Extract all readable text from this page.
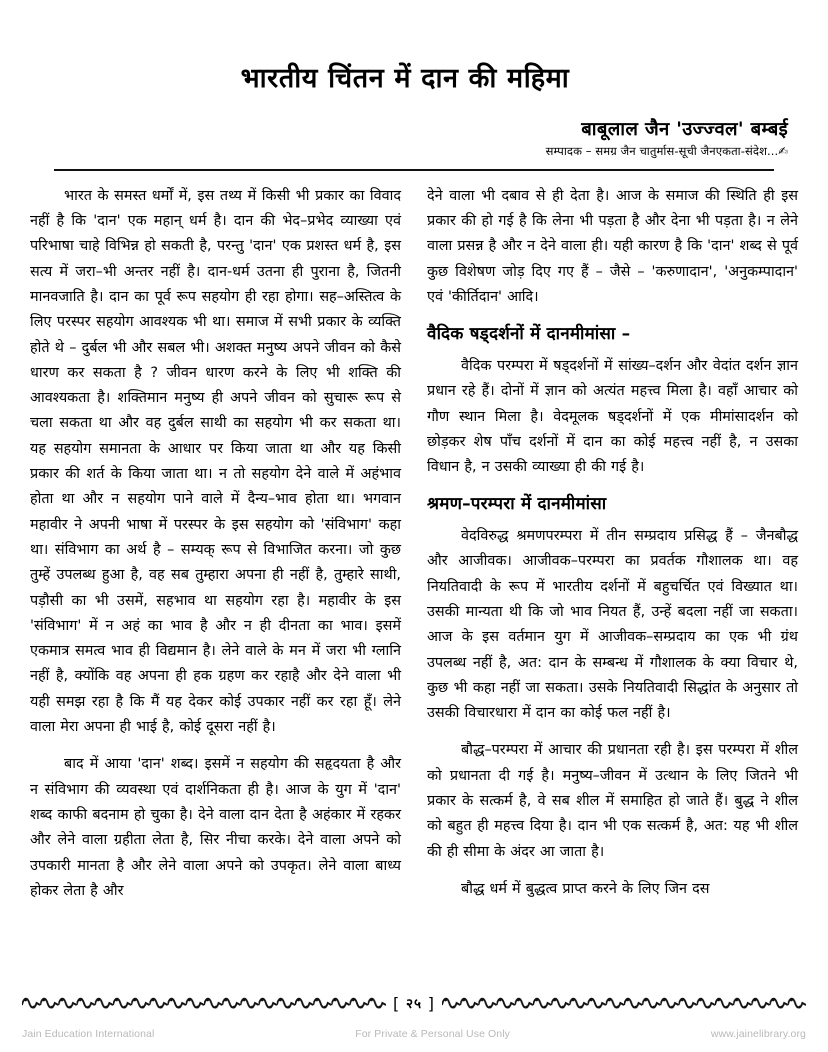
भारतीय चिंतन में दान की महिमा
बाबूलाल जैन 'उज्ज्वल' बम्बई
सम्पादक – समग्र जैन चातुर्मास-सूची जैनएकता-संदेश...✍

भारत के समस्त धर्मों में, इस तथ्य में किसी भी प्रकार का विवाद नहीं है कि 'दान' एक महान् धर्म है। दान की भेद–प्रभेद व्याख्या एवं परिभाषा चाहे विभिन्न हो सकती है, परन्तु 'दान' एक प्रशस्त धर्म है, इस सत्य में जरा–भी अन्तर नहीं है। दान-धर्म उतना ही पुराना है, जितनी मानवजाति है। दान का पूर्व रूप सहयोग ही रहा होगा। सह–अस्तित्व के लिए परस्पर सहयोग आवश्यक भी था। समाज में सभी प्रकार के व्यक्ति होते थे – दुर्बल भी और सबल भी। अशक्त मनुष्य अपने जीवन को कैसे धारण कर सकता है ? जीवन धारण करने के लिए भी शक्ति की आवश्यकता है। शक्तिमान मनुष्य ही अपने जीवन को सुचारू रूप से चला सकता था और वह दुर्बल साथी का सहयोग भी कर सकता था। यह सहयोग समानता के आधार पर किया जाता था और यह किसी प्रकार की शर्त के किया जाता था। न तो सहयोग देने वाले में अहंभाव होता था और न सहयोग पाने वाले में दैन्य–भाव होता था। भगवान महावीर ने अपनी भाषा में परस्पर के इस सहयोग को 'संविभाग' कहा था। संविभाग का अर्थ है – सम्यक् रूप से विभाजित करना। जो कुछ तुम्हें उपलब्ध हुआ है, वह सब तुम्हारा अपना ही नहीं है, तुम्हारे साथी, पड़ौसी का भी उसमें, सहभाव था सहयोग रहा है। महावीर के इस 'संविभाग' में न अहं का भाव है और न ही दीनता का भाव। इसमें एकमात्र समत्व भाव ही विद्यमान है। लेने वाले के मन में जरा भी ग्लानि नहीं है, क्योंकि वह अपना ही हक ग्रहण कर रहाहै और देने वाला भी यही समझ रहा है कि मैं यह देकर कोई उपकार नहीं कर रहा हूँ। लेने वाला मेरा अपना ही भाई है, कोई दूसरा नहीं है।

बाद में आया 'दान' शब्द। इसमें न सहयोग की सहृदयता है और न संविभाग की व्यवस्था एवं दार्शनिकता ही है। आज के युग में 'दान' शब्द काफी बदनाम हो चुका है। देने वाला दान देता है अहंकार में रहकर और लेने वाला ग्रहीता लेता है, सिर नीचा करके। देने वाला अपने को उपकारी मानता है और लेने वाला अपने को उपकृत। लेने वाला बाध्य होकर लेता है और

देने वाला भी दबाव से ही देता है। आज के समाज की स्थिति ही इस प्रकार की हो गई है कि लेना भी पड़ता है और देना भी पड़ता है। न लेने वाला प्रसन्न है और न देने वाला ही। यही कारण है कि 'दान' शब्द से पूर्व कुछ विशेषण जोड़ दिए गए हैं – जैसे – 'करुणादान', 'अनुकम्पादान' एवं 'कीर्तिदान' आदि।

वैदिक षड्दर्शनों में दानमीमांसा –

वैदिक परम्परा में षड्दर्शनों में सांख्य–दर्शन और वेदांत दर्शन ज्ञान प्रधान रहे हैं। दोनों में ज्ञान को अत्यंत महत्त्व मिला है। वहाँ आचार को गौण स्थान मिला है। वेदमूलक षड्दर्शनों में एक मीमांसादर्शन को छोड़कर शेष पाँच दर्शनों में दान का कोई महत्त्व नहीं है, न उसका विधान है, न उसकी व्याख्या ही की गई है।

श्रमण–परम्परा में दानमीमांसा

वेदविरुद्ध श्रमणपरम्परा में तीन सम्प्रदाय प्रसिद्ध हैं – जैनबौद्ध और आजीवक। आजीवक–परम्परा का प्रवर्तक गौशालक था। वह नियतिवादी के रूप में भारतीय दर्शनों में बहुचर्चित एवं विख्यात था। उसकी मान्यता थी कि जो भाव नियत हैं, उन्हें बदला नहीं जा सकता। आज के इस वर्तमान युग में आजीवक–सम्प्रदाय का एक भी ग्रंथ उपलब्ध नहीं है, अत: दान के सम्बन्ध में गौशालक के क्या विचार थे, कुछ भी कहा नहीं जा सकता। उसके नियतिवादी सिद्धांत के अनुसार तो उसकी विचारधारा में दान का कोई फल नहीं है।

बौद्ध–परम्परा में आचार की प्रधानता रही है। इस परम्परा में शील को प्रधानता दी गई है। मनुष्य–जीवन में उत्थान के लिए जितने भी प्रकार के सत्कर्म है, वे सब शील में समाहित हो जाते हैं। बुद्ध ने शील को बहुत ही महत्त्व दिया है। दान भी एक सत्कर्म है, अत: यह भी शील की ही सीमा के अंदर आ जाता है।

बौद्ध धर्म में बुद्धत्व प्राप्त करने के लिए जिन दस

[ २५ ]
Jain Education International	For Private & Personal Use Only	www.jainelibrary.org
